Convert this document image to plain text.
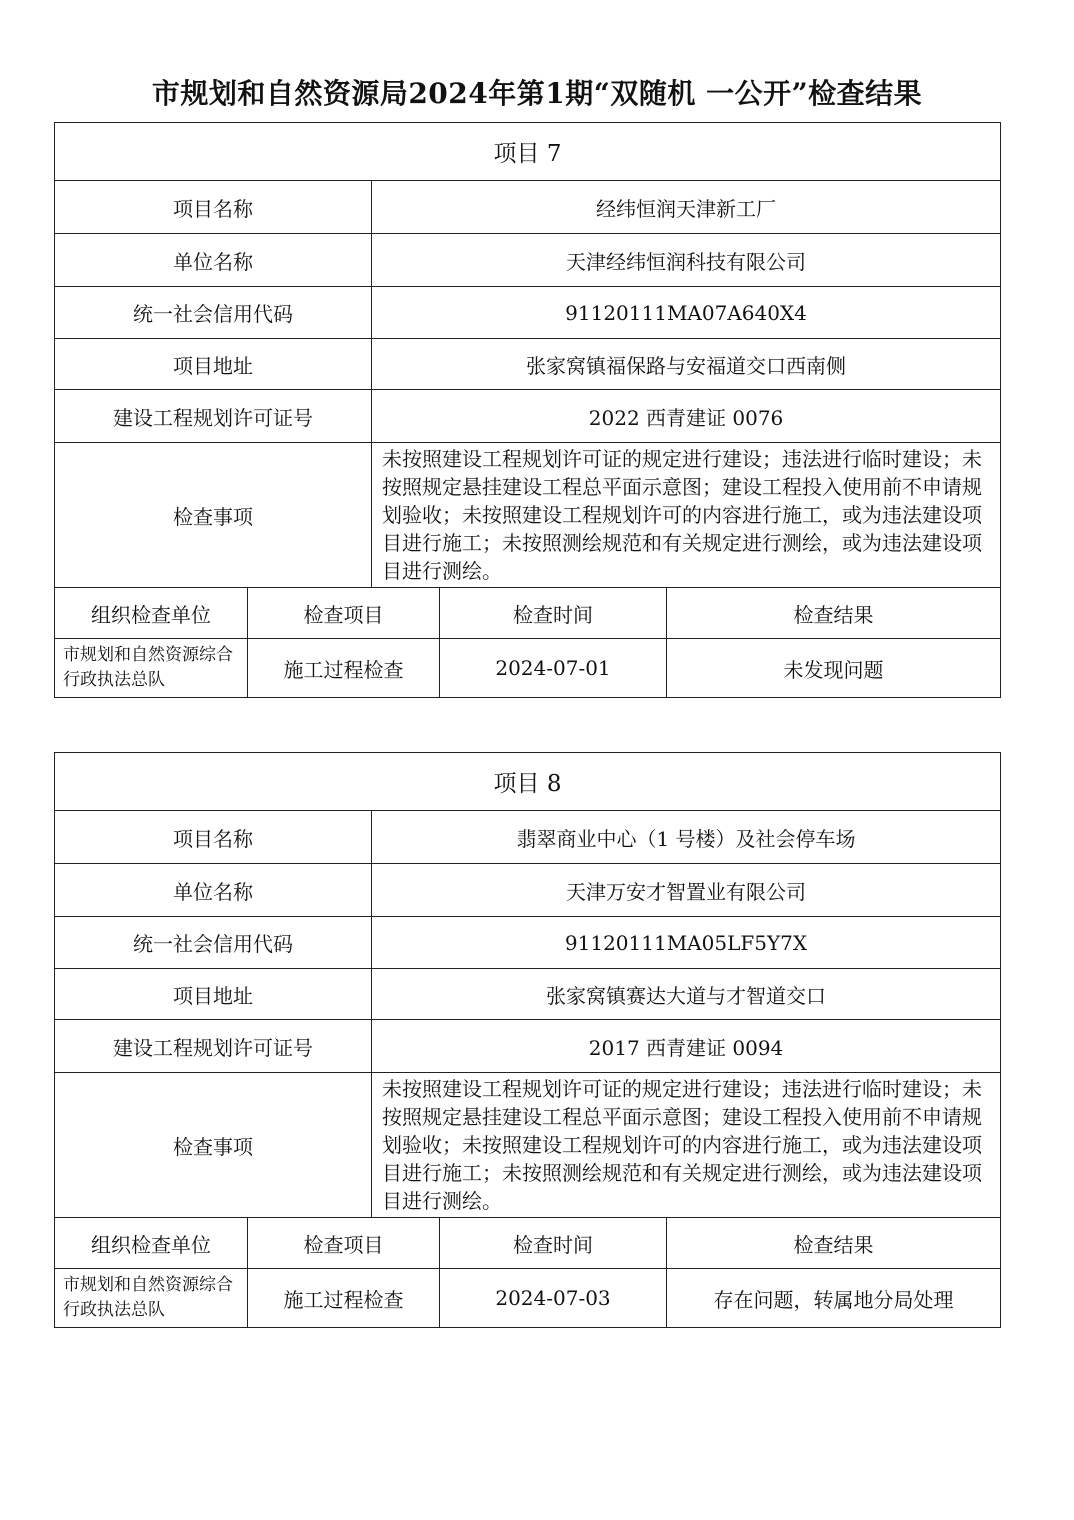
市规划和自然资源局2024年第1期“双随机 一公开”检查结果
项目 7				
项目名称		经纬恒润天津新工厂		
单位名称		天津经纬恒润科技有限公司		
统一社会信用代码		91120111MA07A640X4		
项目地址		张家窝镇福保路与安福道交口西南侧		
建设工程规划许可证号		2022 西青建证 0076		
检查事项		未按照建设工程规划许可证的规定进行建设；违法进行临时建设；未按照规定悬挂建设工程总平面示意图；建设工程投入使用前不申请规划验收；未按照建设工程规划许可的内容进行施工，或为违法建设项目进行施工；未按照测绘规范和有关规定进行测绘，或为违法建设项目进行测绘。		
组织检查单位	检查项目		检查时间	检查结果
市规划和自然资源综合行政执法总队	施工过程检查		2024-07-01	未发现问题
项目 8				
项目名称		翡翠商业中心（1 号楼）及社会停车场		
单位名称		天津万安才智置业有限公司		
统一社会信用代码		91120111MA05LF5Y7X		
项目地址		张家窝镇赛达大道与才智道交口		
建设工程规划许可证号		2017 西青建证 0094		
检查事项		未按照建设工程规划许可证的规定进行建设；违法进行临时建设；未按照规定悬挂建设工程总平面示意图；建设工程投入使用前不申请规划验收；未按照建设工程规划许可的内容进行施工，或为违法建设项目进行施工；未按照测绘规范和有关规定进行测绘，或为违法建设项目进行测绘。		
组织检查单位	检查项目		检查时间	检查结果
市规划和自然资源综合行政执法总队	施工过程检查		2024-07-03	存在问题，转属地分局处理
